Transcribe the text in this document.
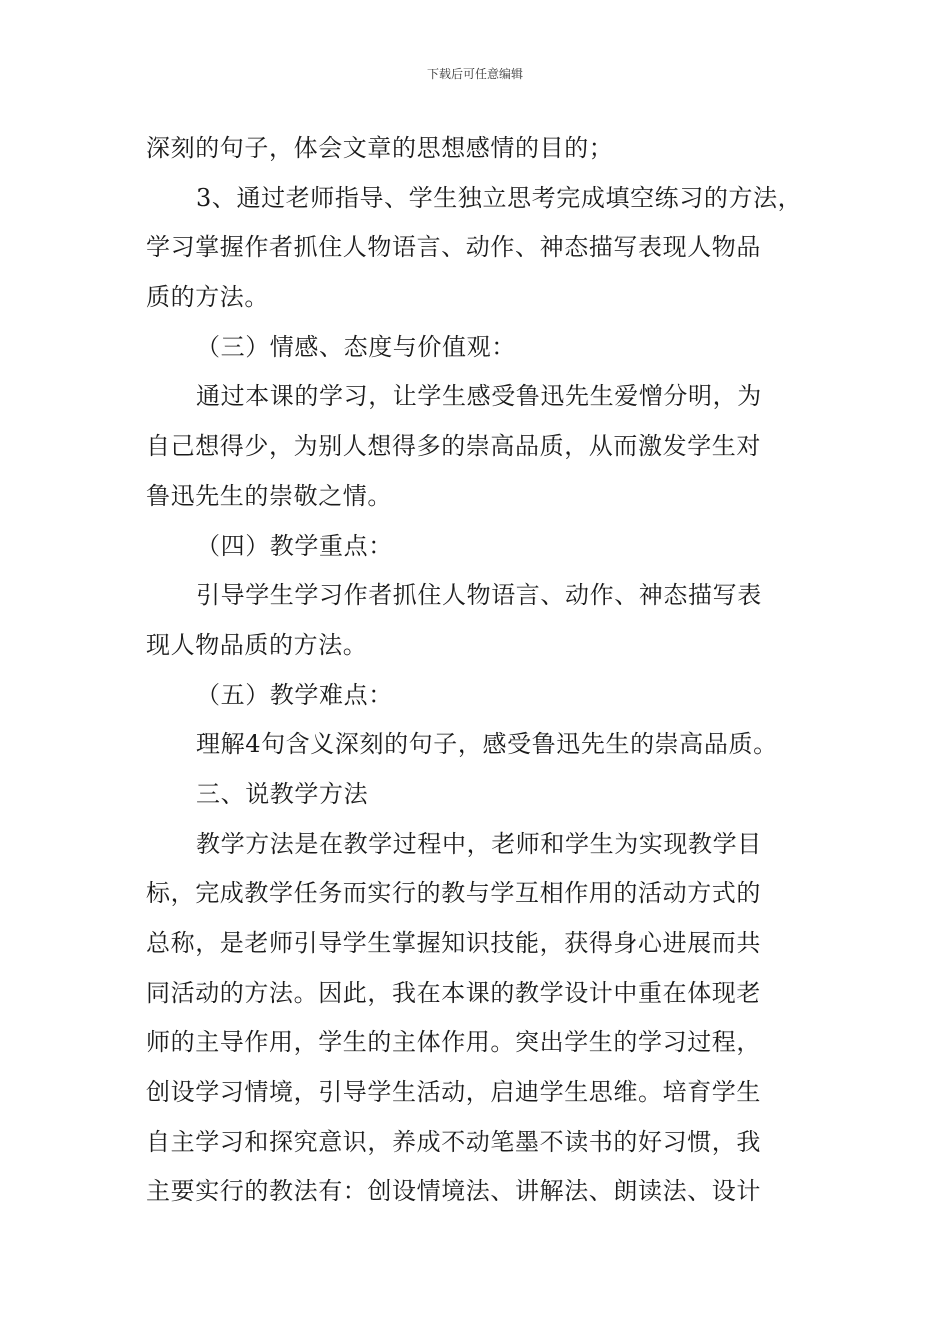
下载后可任意编辑
深刻的句子，体会文章的思想感情的目的；
3、通过老师指导、学生独立思考完成填空练习的方法，
学习掌握作者抓住人物语言、动作、神态描写表现人物品
质的方法。
（三）情感、态度与价值观：
通过本课的学习，让学生感受鲁迅先生爱憎分明，为
自己想得少，为别人想得多的崇高品质，从而激发学生对
鲁迅先生的崇敬之情。
（四）教学重点：
引导学生学习作者抓住人物语言、动作、神态描写表
现人物品质的方法。
（五）教学难点：
理解4句含义深刻的句子，感受鲁迅先生的崇高品质。
三、说教学方法
教学方法是在教学过程中，老师和学生为实现教学目
标，完成教学任务而实行的教与学互相作用的活动方式的
总称，是老师引导学生掌握知识技能，获得身心进展而共
同活动的方法。因此，我在本课的教学设计中重在体现老
师的主导作用，学生的主体作用。突出学生的学习过程，
创设学习情境，引导学生活动，启迪学生思维。培育学生
自主学习和探究意识，养成不动笔墨不读书的好习惯，我
主要实行的教法有：创设情境法、讲解法、朗读法、设计
